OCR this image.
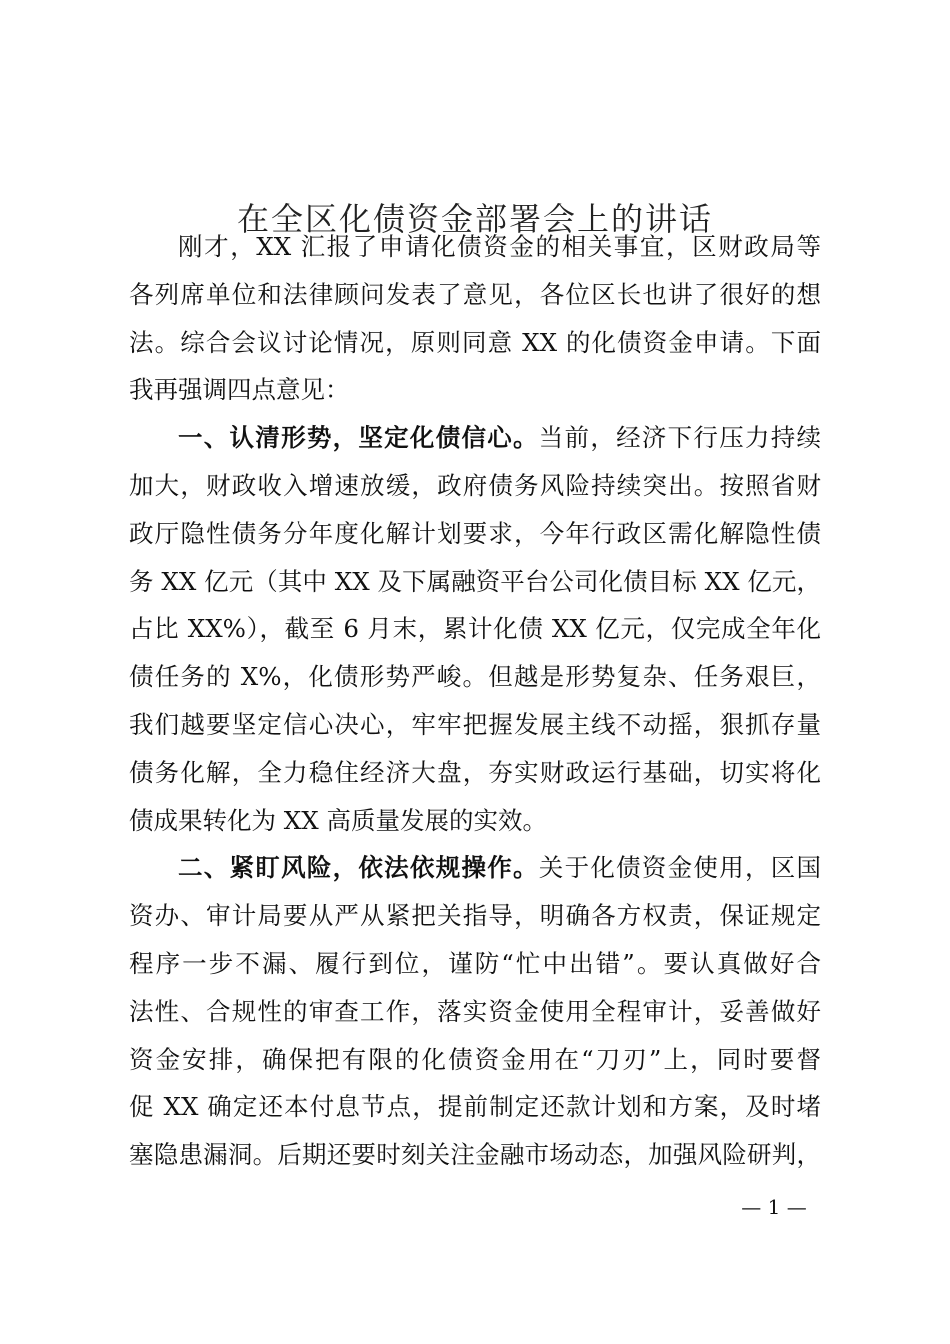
在全区化债资金部署会上的讲话
刚才，XX 汇报了申请化债资金的相关事宜，区财政局等
各列席单位和法律顾问发表了意见，各位区长也讲了很好的想
法。综合会议讨论情况，原则同意 XX 的化债资金申请。下面
我再强调四点意见：
一、认清形势，坚定化债信心。当前，经济下行压力持续
加大，财政收入增速放缓，政府债务风险持续突出。按照省财
政厅隐性债务分年度化解计划要求，今年行政区需化解隐性债
务 XX 亿元（其中 XX 及下属融资平台公司化债目标 XX 亿元，
占比 XX%），截至 6 月末，累计化债 XX 亿元，仅完成全年化
债任务的 X%，化债形势严峻。但越是形势复杂、任务艰巨，
我们越要坚定信心决心，牢牢把握发展主线不动摇，狠抓存量
债务化解，全力稳住经济大盘，夯实财政运行基础，切实将化
债成果转化为 XX 高质量发展的实效。
二、紧盯风险，依法依规操作。关于化债资金使用，区国
资办、审计局要从严从紧把关指导，明确各方权责，保证规定
程序一步不漏、履行到位，谨防“忙中出错”。要认真做好合
法性、合规性的审查工作，落实资金使用全程审计，妥善做好
资金安排，确保把有限的化债资金用在“刀刃”上，同时要督
促 XX 确定还本付息节点，提前制定还款计划和方案，及时堵
塞隐患漏洞。后期还要时刻关注金融市场动态，加强风险研判，
— 1 —
